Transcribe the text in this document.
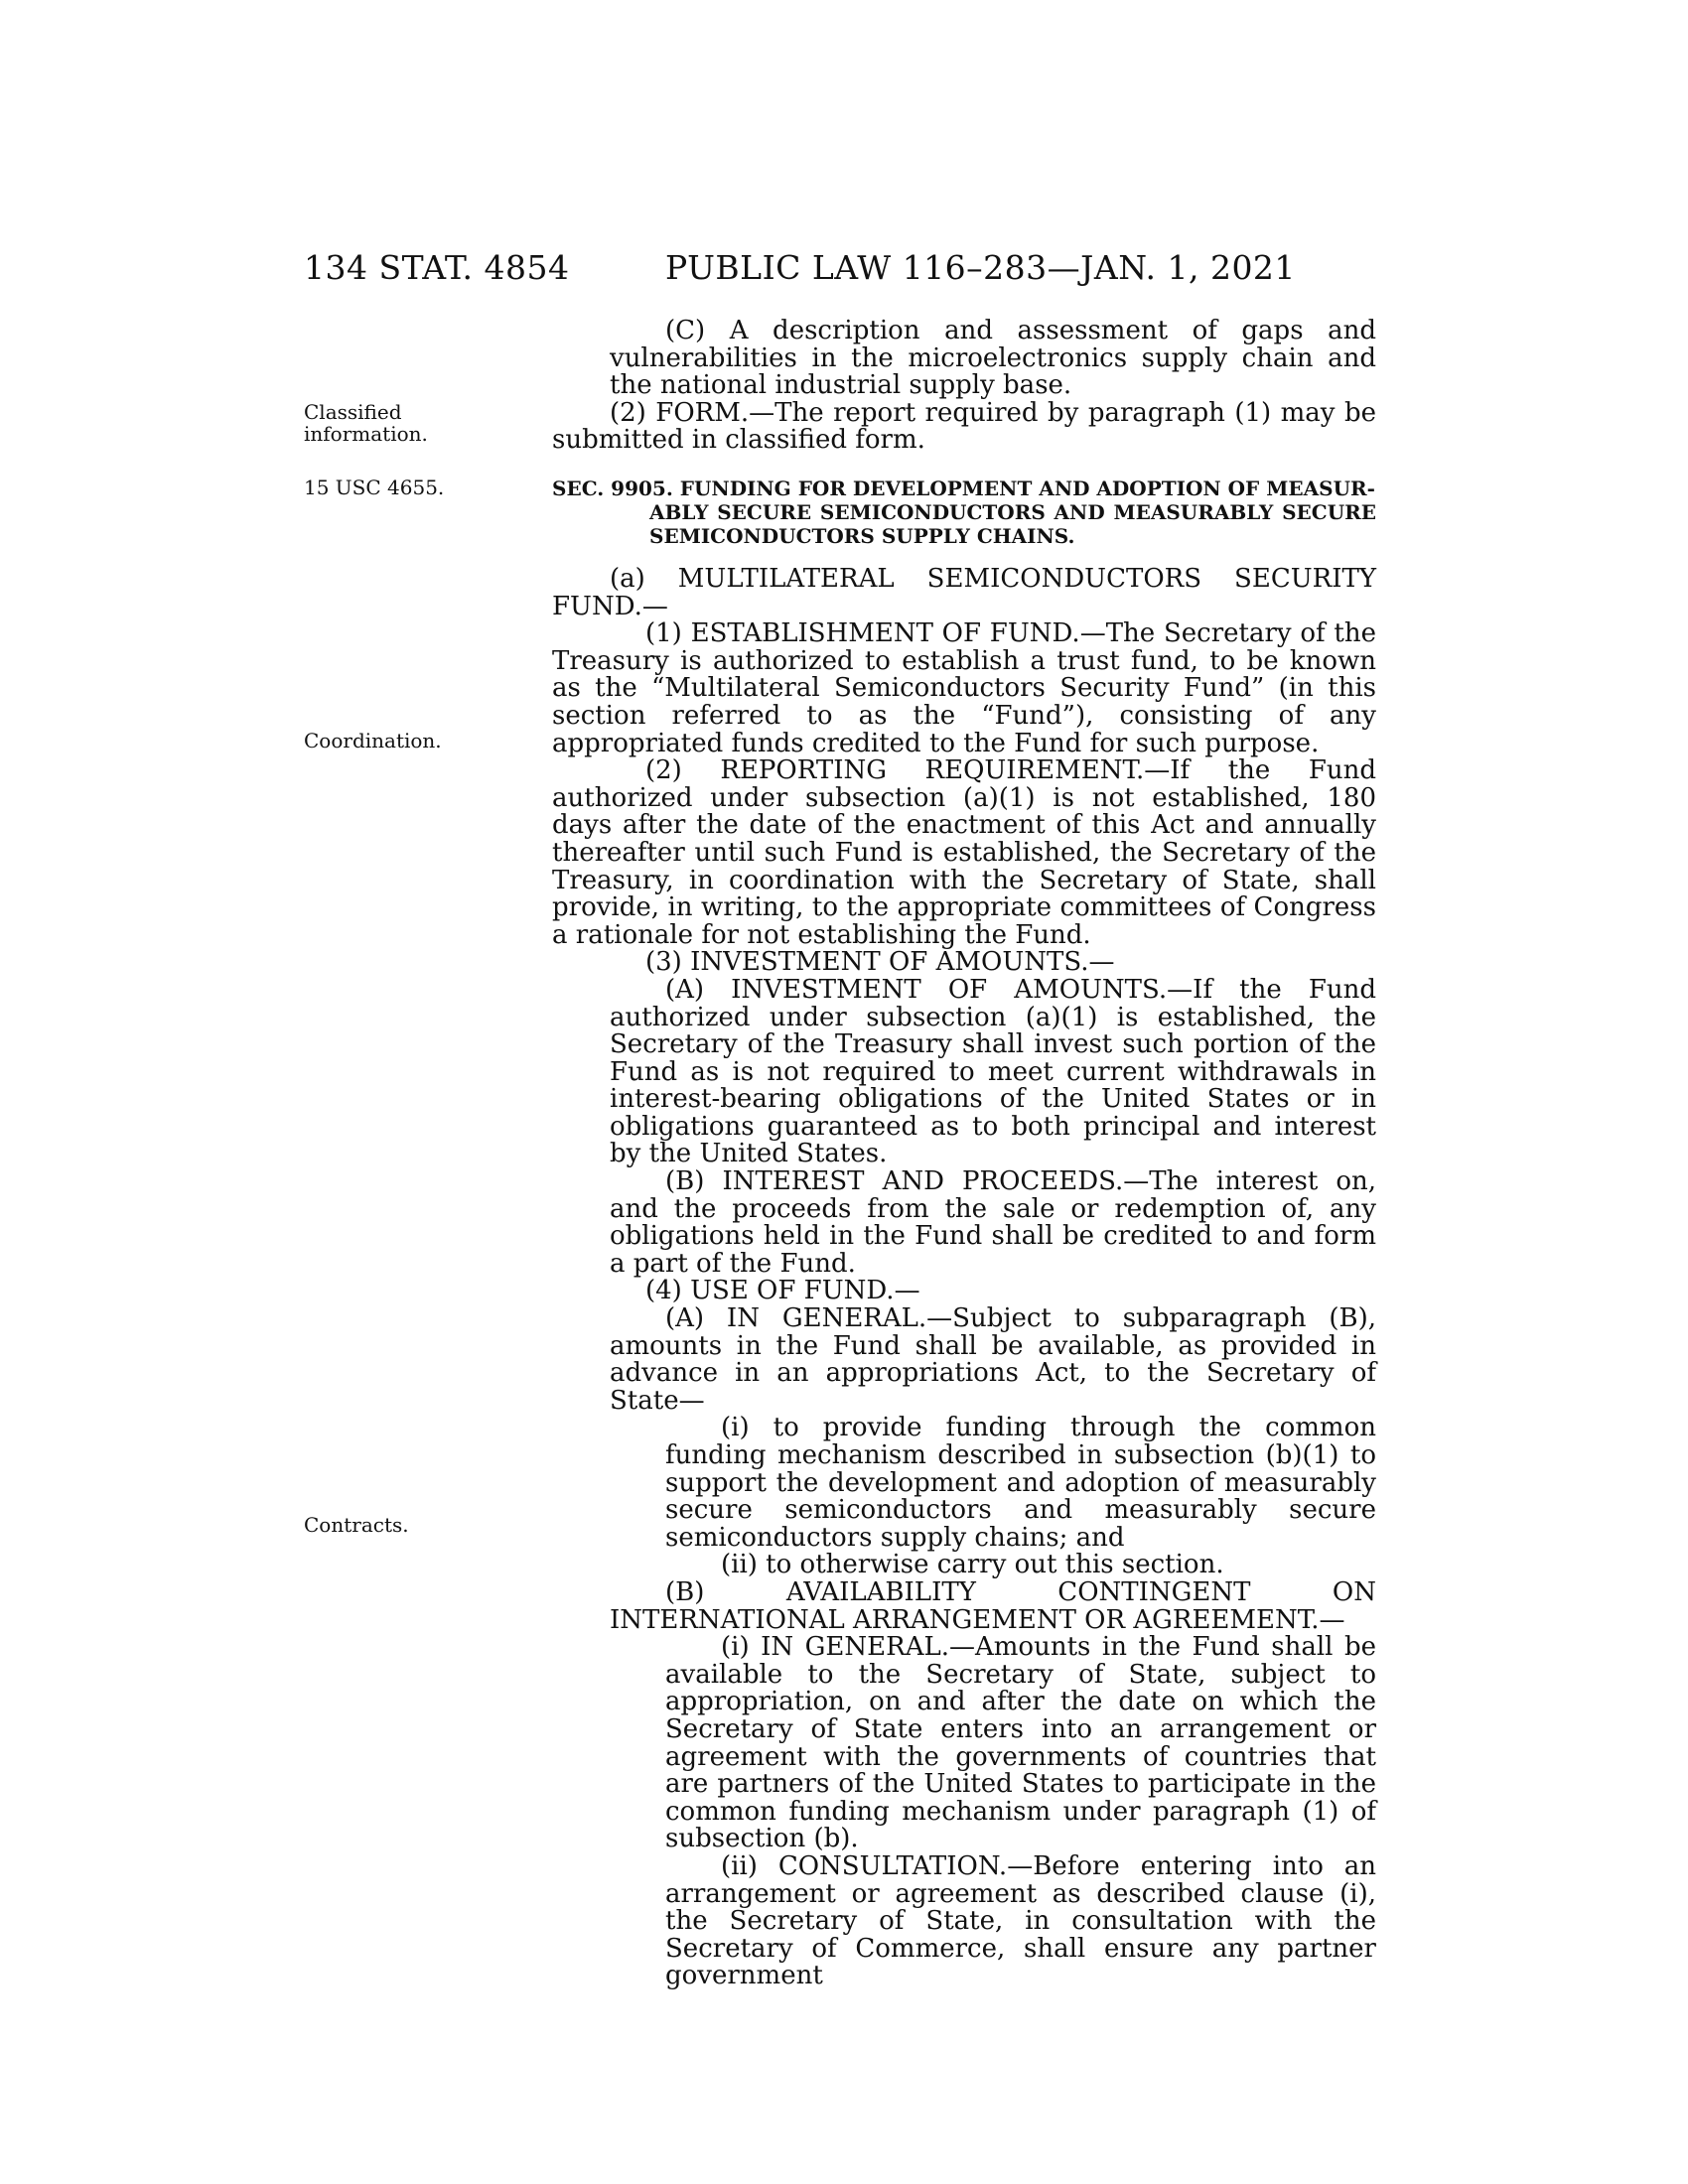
134 STAT. 4854	PUBLIC LAW 116–283—JAN. 1, 2021
Classified information.
15 USC 4655.
Coordination.
Contracts.

(C) A description and assessment of gaps and vulnerabilities in the microelectronics supply chain and the national industrial supply base.

(2) FORM.—The report required by paragraph (1) may be submitted in classified form.

SEC. 9905. FUNDING FOR DEVELOPMENT AND ADOPTION OF MEASUR-
ABLY SECURE SEMICONDUCTORS AND MEASURABLY SECURE SEMICONDUCTORS SUPPLY CHAINS.

(a) MULTILATERAL SEMICONDUCTORS SECURITY FUND.—

(1) ESTABLISHMENT OF FUND.—The Secretary of the Treasury is authorized to establish a trust fund, to be known as the “Multilateral Semiconductors Security Fund” (in this section referred to as the “Fund”), consisting of any appropriated funds credited to the Fund for such purpose.

(2) REPORTING REQUIREMENT.—If the Fund authorized under subsection (a)(1) is not established, 180 days after the date of the enactment of this Act and annually thereafter until such Fund is established, the Secretary of the Treasury, in coordination with the Secretary of State, shall provide, in writing, to the appropriate committees of Congress a rationale for not establishing the Fund.

(3) INVESTMENT OF AMOUNTS.—

(A) INVESTMENT OF AMOUNTS.—If the Fund authorized under subsection (a)(1) is established, the Secretary of the Treasury shall invest such portion of the Fund as is not required to meet current withdrawals in interest-bearing obligations of the United States or in obligations guaranteed as to both principal and interest by the United States.

(B) INTEREST AND PROCEEDS.—The interest on, and the proceeds from the sale or redemption of, any obligations held in the Fund shall be credited to and form a part of the Fund.

(4) USE OF FUND.—

(A) IN GENERAL.—Subject to subparagraph (B), amounts in the Fund shall be available, as provided in advance in an appropriations Act, to the Secretary of State—

(i) to provide funding through the common funding mechanism described in subsection (b)(1) to support the development and adoption of measurably secure semiconductors and measurably secure semiconductors supply chains; and

(ii) to otherwise carry out this section.

(B) AVAILABILITY CONTINGENT ON INTERNATIONAL ARRANGEMENT OR AGREEMENT.—

(i) IN GENERAL.—Amounts in the Fund shall be available to the Secretary of State, subject to appropriation, on and after the date on which the Secretary of State enters into an arrangement or agreement with the governments of countries that are partners of the United States to participate in the common funding mechanism under paragraph (1) of subsection (b).

(ii) CONSULTATION.—Before entering into an arrangement or agreement as described clause (i), the Secretary of State, in consultation with the Secretary of Commerce, shall ensure any partner government
